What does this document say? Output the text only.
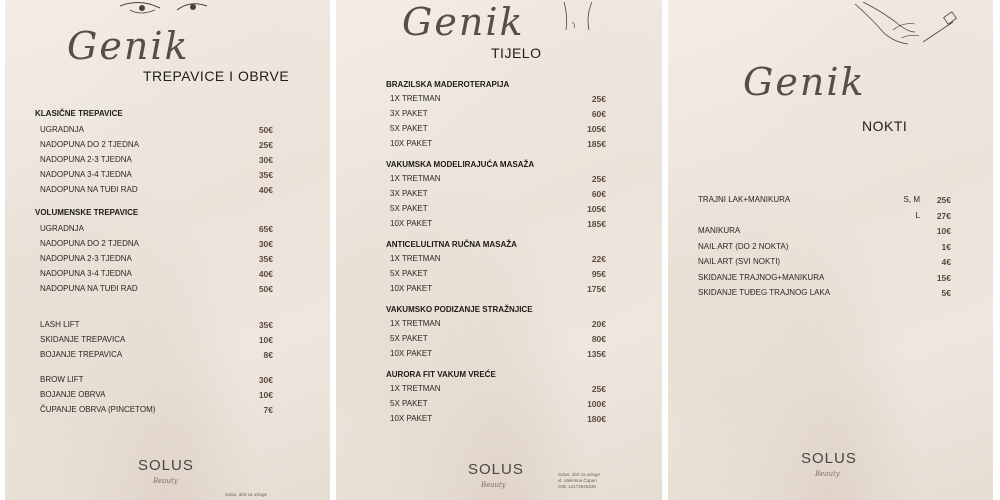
Genik
TREPAVICE I OBRVE
KLASIČNE TREPAVICE
UGRADNJA	50€
NADOPUNA DO 2 TJEDNA	25€
NADOPUNA 2-3 TJEDNA	30€
NADOPUNA 3-4 TJEDNA	35€
NADOPUNA NA TUĐI RAD	40€
VOLUMENSKE TREPAVICE
UGRADNJA	65€
NADOPUNA DO 2 TJEDNA	30€
NADOPUNA 2-3 TJEDNA	35€
NADOPUNA 3-4 TJEDNA	40€
NADOPUNA NA TUĐI RAD	50€
LASH LIFT	35€
SKIDANJE TREPAVICA	10€
BOJANJE TREPAVICA	8€
BROW LIFT	30€
BOJANJE OBRVA	10€
ČUPANJE OBRVA (PINCETOM)	7€
SOLUS
Beauty
Solus, obrt za usluge
Genik
TIJELO
BRAZILSKA MADEROTERAPIJA
1X TRETMAN	25€
3X PAKET	60€
5X PAKET	105€
10X PAKET	185€
VAKUMSKA MODELIRAJUĆA MASAŽA
1X TRETMAN	25€
3X PAKET	60€
5X PAKET	105€
10X PAKET	185€
ANTICELULITNA RUČNA MASAŽA
1X TRETMAN	22€
5X PAKET	95€
10X PAKET	175€
VAKUMSKO PODIZANJE STRAŽNJICE
1X TRETMAN	20€
5X PAKET	80€
10X PAKET	135€
AURORA FIT VAKUM VREĆE
1X TRETMAN	25€
5X PAKET	100€
10X PAKET	180€
SOLUS
Beauty
Solus, obrt za usluge
vl. Valentina Čapan
OIB: 14172846339
Genik
NOKTI
TRAJNI LAK+MANIKURA	S, M 25€
L 27€
MANIKURA	10€
NAIL ART (DO 2 NOKTA)	1€
NAIL ART (SVI NOKTI)	4€
SKIDANJE TRAJNOG+MANIKURA	15€
SKIDANJE TUĐEG TRAJNOG LAKA	5€
SOLUS
Beauty
